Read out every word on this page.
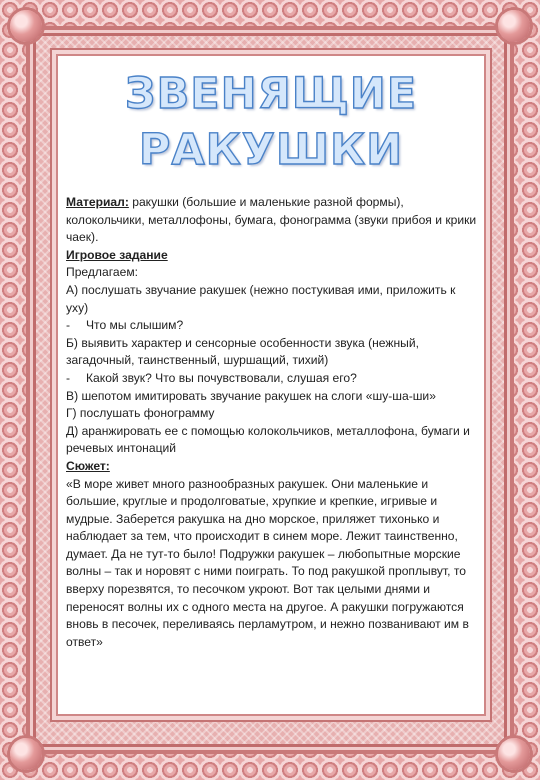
ЗВЕНЯЩИЕ
РАКУШКИ

Материал: ракушки (большие и маленькие разной формы), колокольчики, металлофоны, бумага, фонограмма (звуки прибоя и крики чаек).

Игровое задание

Предлагаем:

А) послушать звучание ракушек (нежно постукивая ими, приложить к уху)

-	Что мы слышим?

Б) выявить характер и сенсорные особенности звука (нежный, загадочный, таинственный, шуршащий, тихий)

-	Какой звук? Что вы почувствовали, слушая его?

В) шепотом имитировать звучание ракушек на слоги «шу-ша-ши»

Г) послушать фонограмму

Д) аранжировать ее с помощью колокольчиков, металлофона, бумаги и речевых интонаций

Сюжет:

«В море живет много разнообразных ракушек. Они маленькие и большие, круглые и продолговатые, хрупкие и крепкие, игривые и мудрые. Заберется ракушка на дно морское, приляжет тихонько и наблюдает за тем, что происходит в синем море. Лежит таинственно, думает. Да не тут-то было! Подружки ракушек – любопытные морские волны – так и норовят с ними поиграть. То под ракушкой проплывут, то вверху порезвятся, то песочком укроют. Вот так целыми днями и переносят волны их с одного места на другое. А ракушки погружаются вновь в песочек, переливаясь перламутром, и нежно позванивают им в ответ»
